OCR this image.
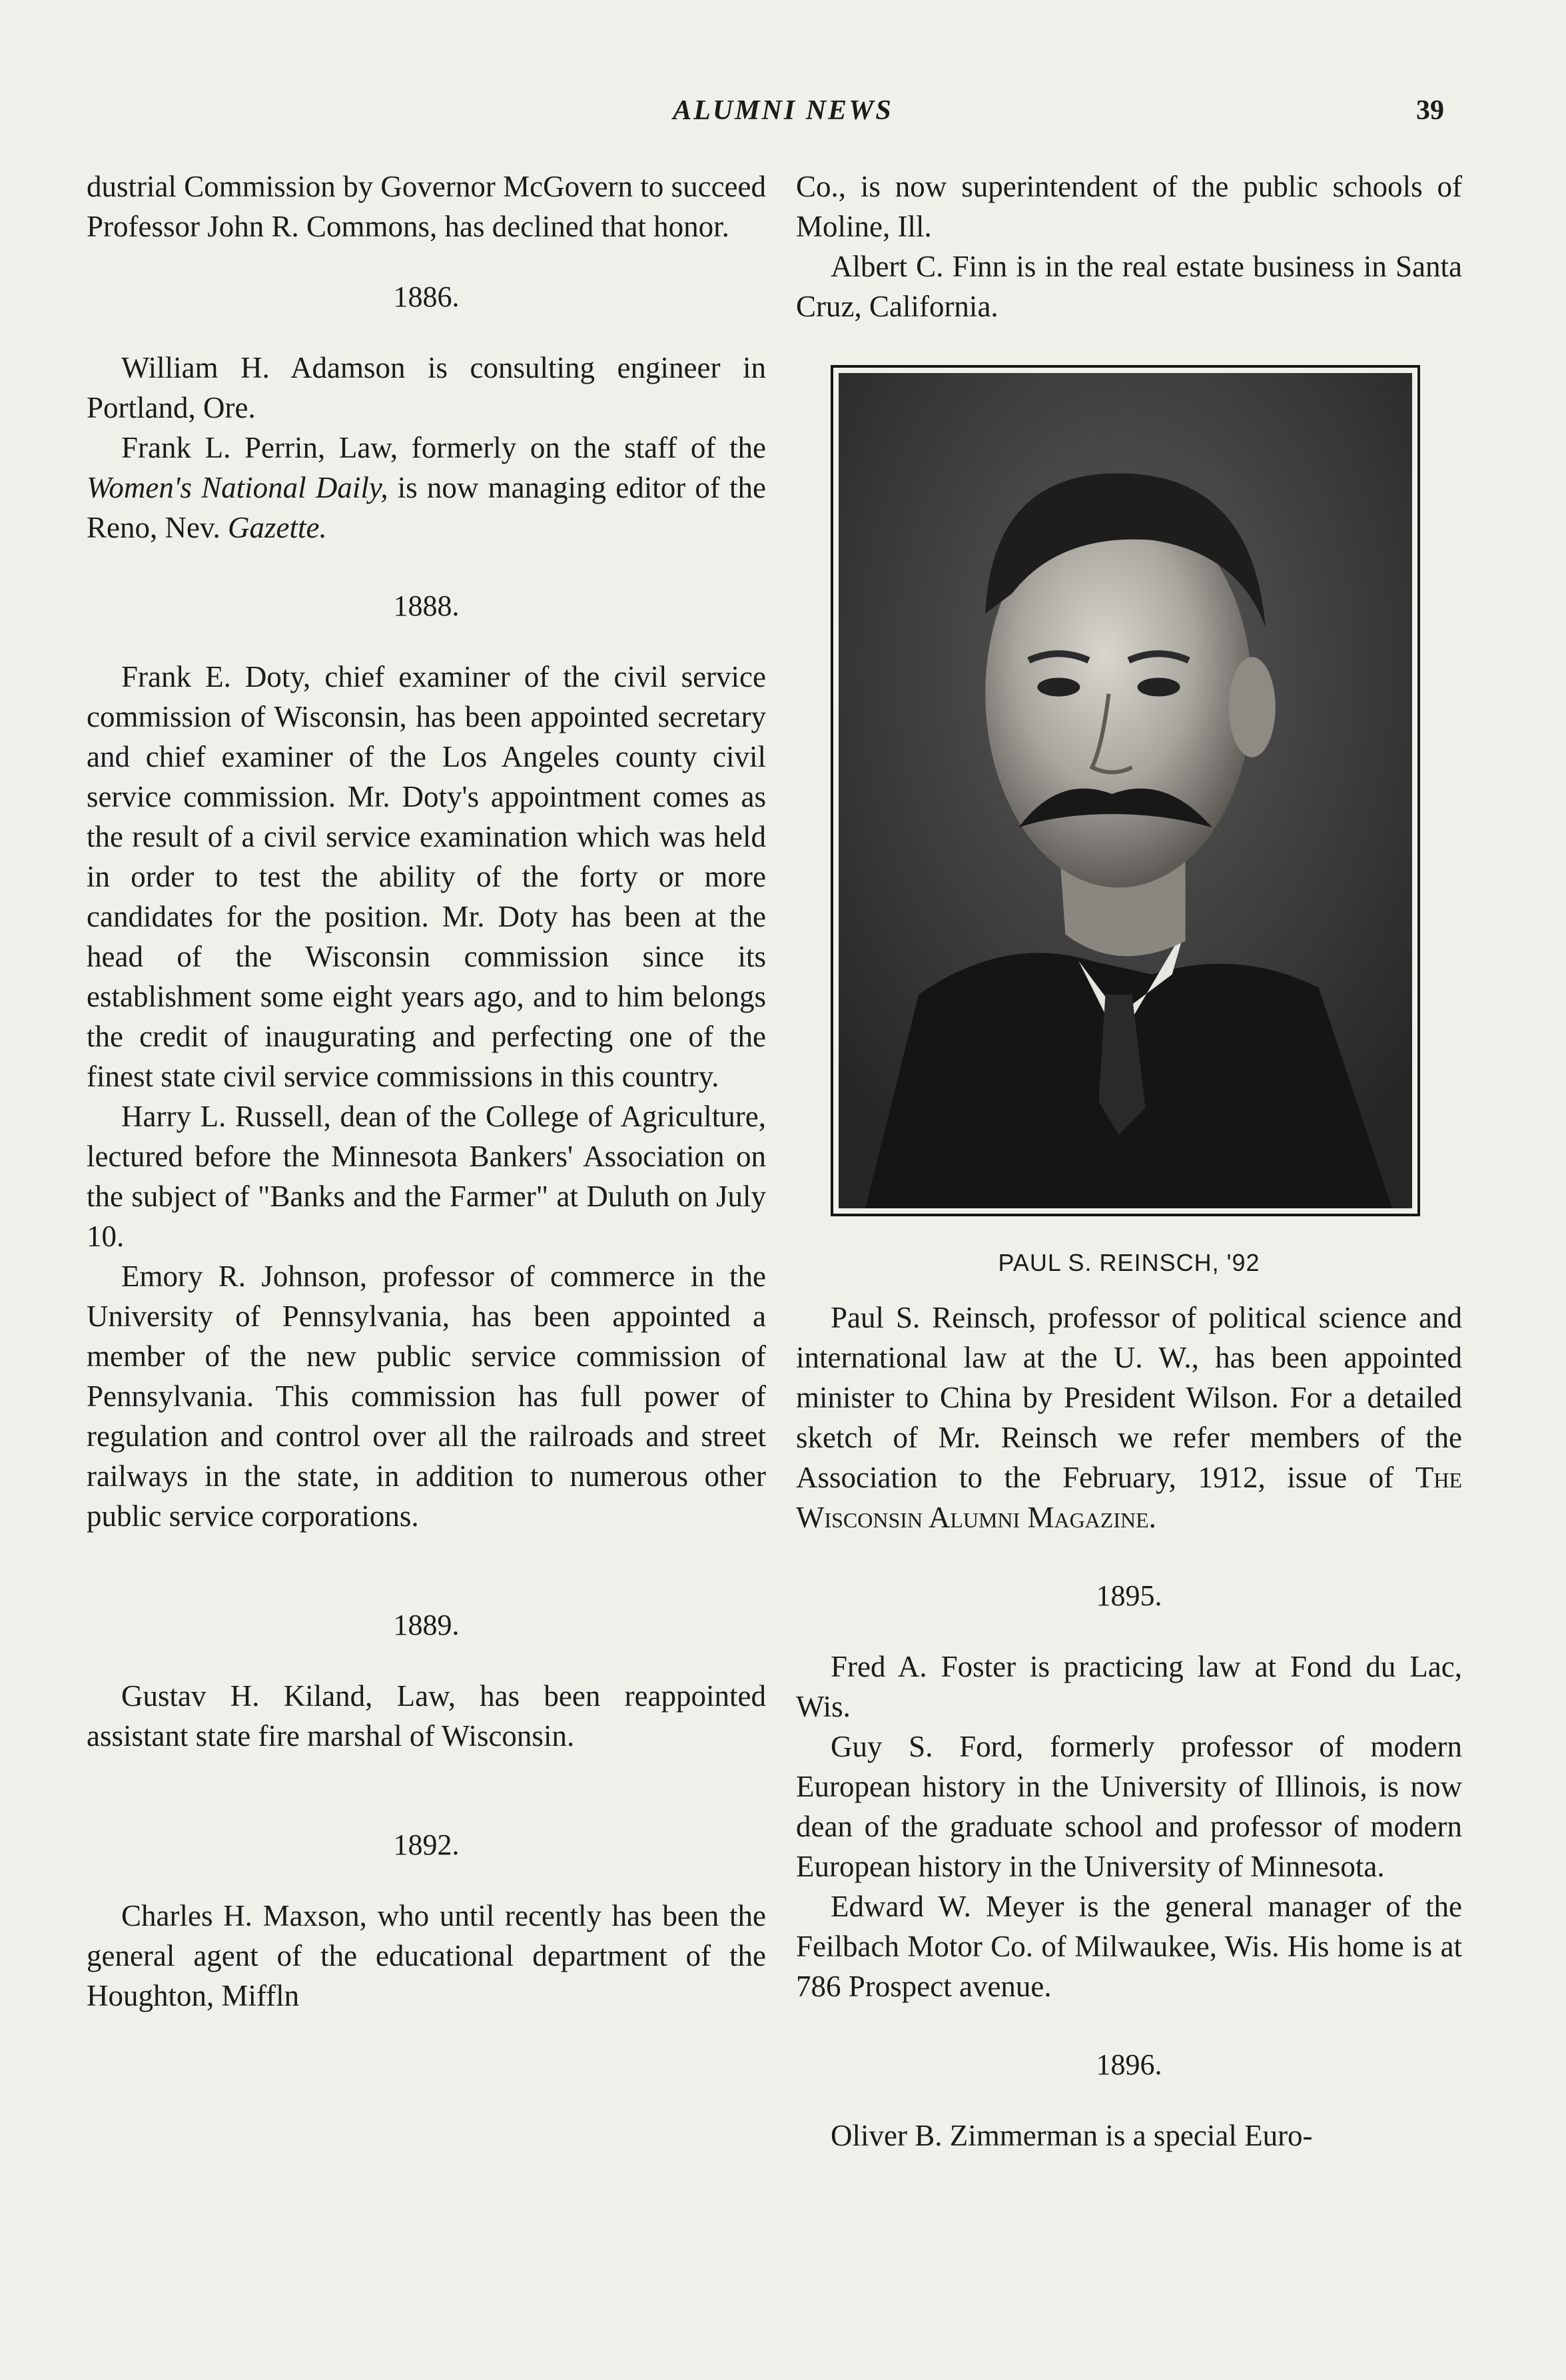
ALUMNI NEWS	39

dustrial Commission by Governor McGovern to succeed Professor John R. Commons, has declined that honor.

1886.

William H. Adamson is consulting engineer in Portland, Ore.

Frank L. Perrin, Law, formerly on the staff of the Women's National Daily, is now managing editor of the Reno, Nev. Gazette.

1888.

Frank E. Doty, chief examiner of the civil service commission of Wisconsin, has been appointed secretary and chief examiner of the Los Angeles county civil service commission. Mr. Doty's appointment comes as the result of a civil service examination which was held in order to test the ability of the forty or more candidates for the position. Mr. Doty has been at the head of the Wisconsin commission since its establishment some eight years ago, and to him belongs the credit of inaugurating and perfecting one of the finest state civil service commissions in this country.

Harry L. Russell, dean of the College of Agriculture, lectured before the Minnesota Bankers' Association on the subject of "Banks and the Farmer" at Duluth on July 10.

Emory R. Johnson, professor of commerce in the University of Pennsylvania, has been appointed a member of the new public service commission of Pennsylvania. This commission has full power of regulation and control over all the railroads and street railways in the state, in addition to numerous other public service corporations.

1889.

Gustav H. Kiland, Law, has been reappointed assistant state fire marshal of Wisconsin.

1892.

Charles H. Maxson, who until recently has been the general agent of the educational department of the Houghton, Miffln

Co., is now superintendent of the public schools of Moline, Ill.

Albert C. Finn is in the real estate business in Santa Cruz, California.

PAUL S. REINSCH, '92

Paul S. Reinsch, professor of political science and international law at the U. W., has been appointed minister to China by President Wilson. For a detailed sketch of Mr. Reinsch we refer members of the Association to the February, 1912, issue of The Wisconsin Alumni Magazine.

1895.

Fred A. Foster is practicing law at Fond du Lac, Wis.

Guy S. Ford, formerly professor of modern European history in the University of Illinois, is now dean of the graduate school and professor of modern European history in the University of Minnesota.

Edward W. Meyer is the general manager of the Feilbach Motor Co. of Milwaukee, Wis. His home is at 786 Prospect avenue.

1896.

Oliver B. Zimmerman is a special Euro-
